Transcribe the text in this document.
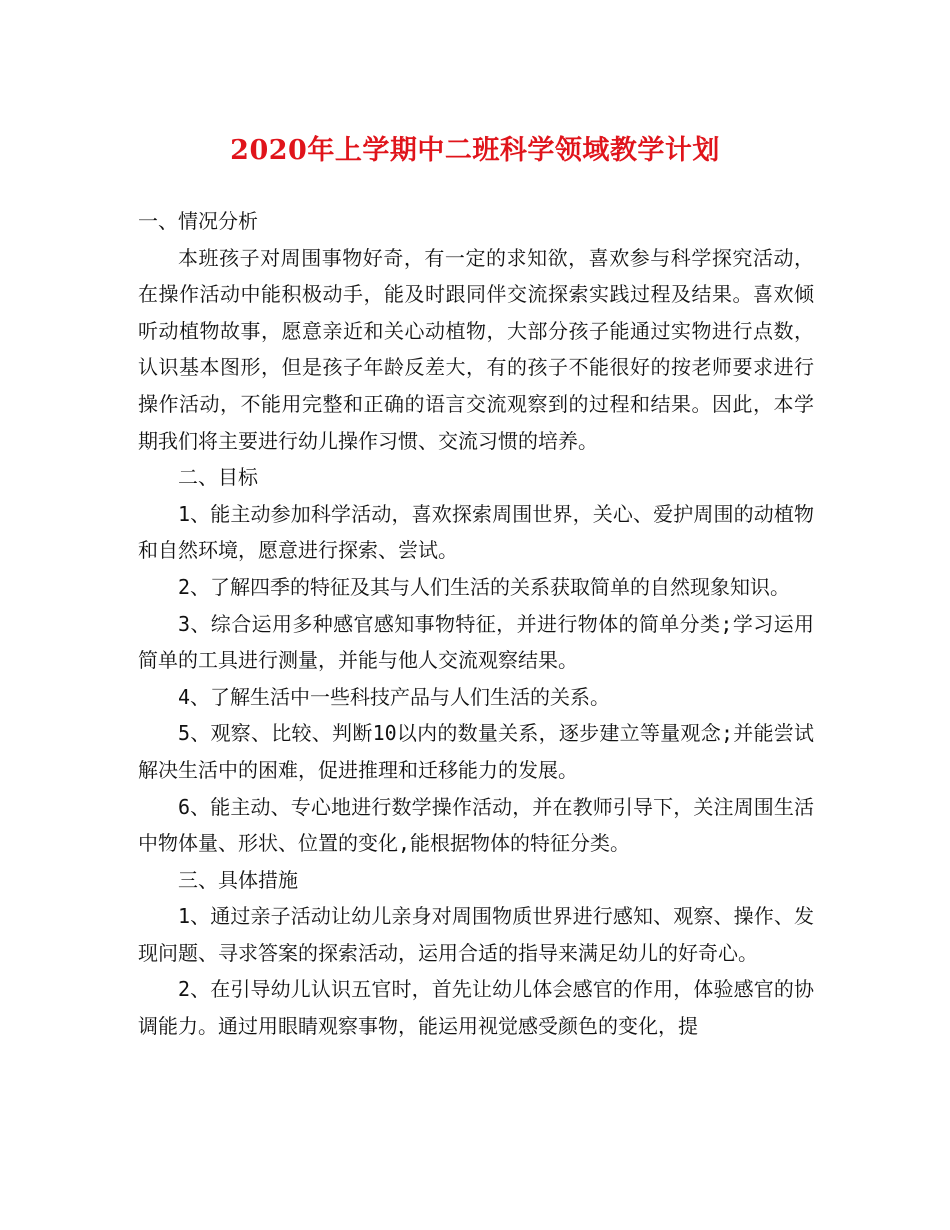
2020年上学期中二班科学领域教学计划

一、情况分析

本班孩子对周围事物好奇，有一定的求知欲，喜欢参与科学探究活动，在操作活动中能积极动手，能及时跟同伴交流探索实践过程及结果。喜欢倾听动植物故事，愿意亲近和关心动植物，大部分孩子能通过实物进行点数，认识基本图形，但是孩子年龄反差大，有的孩子不能很好的按老师要求进行操作活动，不能用完整和正确的语言交流观察到的过程和结果。因此，本学期我们将主要进行幼儿操作习惯、交流习惯的培养。

二、目标

1、能主动参加科学活动，喜欢探索周围世界，关心、爱护周围的动植物和自然环境，愿意进行探索、尝试。

2、了解四季的特征及其与人们生活的关系获取简单的自然现象知识。

3、综合运用多种感官感知事物特征，并进行物体的简单分类;学习运用简单的工具进行测量，并能与他人交流观察结果。

4、了解生活中一些科技产品与人们生活的关系。

5、观察、比较、判断10以内的数量关系，逐步建立等量观念;并能尝试解决生活中的困难，促进推理和迁移能力的发展。

6、能主动、专心地进行数学操作活动，并在教师引导下，关注周围生活中物体量、形状、位置的变化,能根据物体的特征分类。

三、具体措施

1、通过亲子活动让幼儿亲身对周围物质世界进行感知、观察、操作、发现问题、寻求答案的探索活动，运用合适的指导来满足幼儿的好奇心。

2、在引导幼儿认识五官时，首先让幼儿体会感官的作用，体验感官的协调能力。通过用眼睛观察事物，能运用视觉感受颜色的变化，提
